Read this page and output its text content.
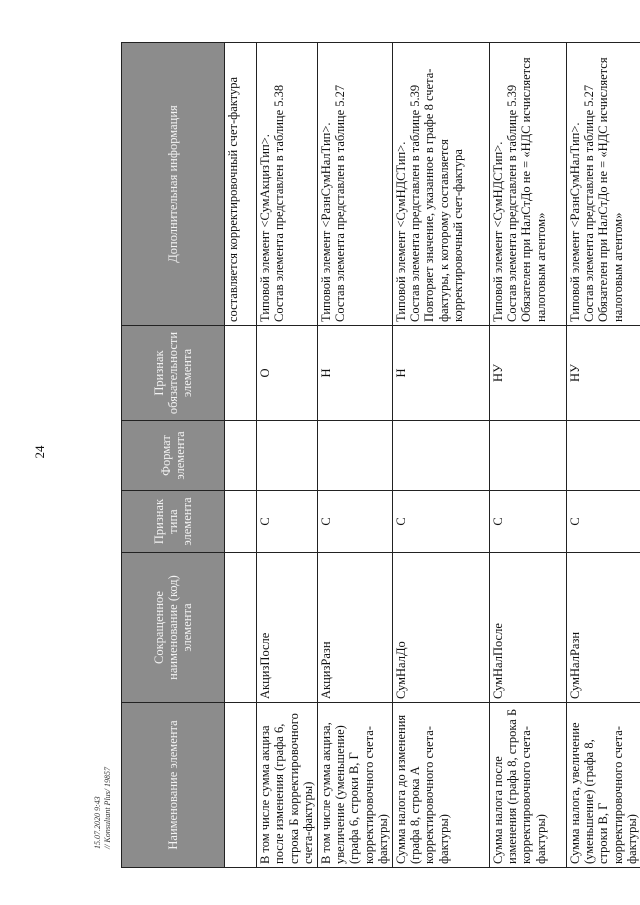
24
15.07.2020 9:43 // Konsultant Plus/ 19857	Наименование элемента	Сокращенное наименование (код) элемента	Признак типа элемента	Формат элемента	Признак обязательности элемента	Дополнительная информация

					составляется корректировочный счет-фактура

В том числе сумма акциза после изменения (графа 6, строка Б корректировочного счета-фактуры)	АкцизПосле	С		О	Типовой элемент <СумАкцизТип>. Состав элемента представлен в таблице 5.38

В том числе сумма акциза, увеличение (уменьшение) (графа 6, строки В, Г корректировочного счета-фактуры)	АкцизРазн	С		Н	Типовой элемент <РазнСумНалТип>. Состав элемента представлен в таблице 5.27

Сумма налога до изменения (графа 8, строка А корректировочного счета-фактуры)	СумНалДо	С		Н	Типовой элемент <СумНДСТип>. Состав элемента представлен в таблице 5.39 Повторяет значение, указанное в графе 8 счета-фактуры, к которому составляется корректировочный счет-фактура

Сумма налога после изменения (графа 8, строка Б корректировочного счета-фактуры)	СумНалПосле	С		НУ	Типовой элемент <СумНДСТип>. Состав элемента представлен в таблице 5.39 Обязателен при НалСтДо не = «НДС исчисляется налоговым агентом»

Сумма налога, увеличение (уменьшение) (графа 8, строки В, Г корректировочного счета-фактуры)	СумНалРазн	С		НУ	Типовой элемент <РазнСумНалТип>. Состав элемента представлен в таблице 5.27 Обязателен при НалСтДо не = «НДС исчисляется налоговым агентом»
